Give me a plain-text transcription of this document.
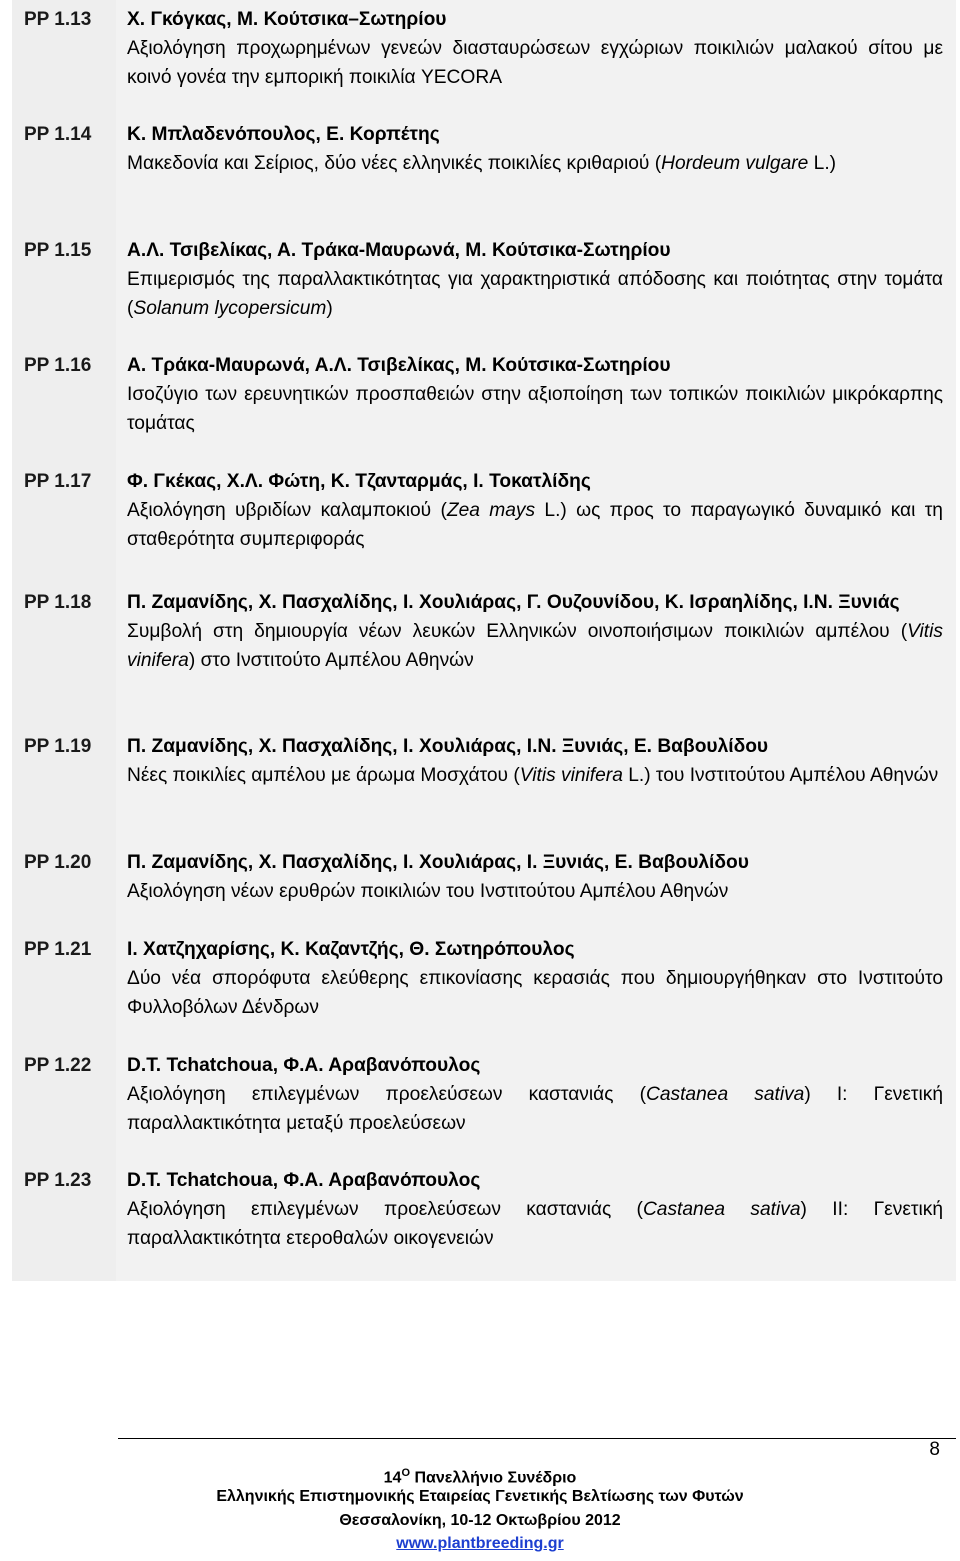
PP 1.13	Χ. Γκόγκας, Μ. Κούτσικα–Σωτηρίου
Αξιολόγηση προχωρημένων γενεών διασταυρώσεων εγχώριων ποικιλιών μαλακού σίτου με κοινό γονέα την εμπορική ποικιλία YECORA
PP 1.14	Κ. Μπλαδενόπουλος, Ε. Κορπέτης
Μακεδονία και Σείριος, δύο νέες ελληνικές ποικιλίες κριθαριού (Hordeum vulgare L.)
PP 1.15	Α.Λ. Τσιβελίκας, Α. Τράκα-Μαυρωνά, Μ. Κούτσικα-Σωτηρίου
Επιμερισμός της παραλλακτικότητας για χαρακτηριστικά απόδοσης και ποιότητας στην τομάτα (Solanum lycopersicum)
PP 1.16	Α. Τράκα-Μαυρωνά, Α.Λ. Τσιβελίκας, Μ. Κούτσικα-Σωτηρίου
Ισοζύγιο των ερευνητικών προσπαθειών στην αξιοποίηση των τοπικών ποικιλιών μικρόκαρπης τομάτας
PP 1.17	Φ. Γκέκας, Χ.Λ. Φώτη, Κ. Τζανταρμάς, Ι. Τοκατλίδης
Αξιολόγηση υβριδίων καλαμποκιού (Zea mays L.) ως προς το παραγωγικό δυναμικό και τη σταθερότητα συμπεριφοράς
PP 1.18	Π. Ζαμανίδης, Χ. Πασχαλίδης, Ι. Χουλιάρας, Γ. Ουζουνίδου, Κ. Ισραηλίδης, Ι.Ν. Ξυνιάς
Συμβολή στη δημιουργία νέων λευκών Ελληνικών οινοποιήσιμων ποικιλιών αμπέλου (Vitis vinifera) στο Ινστιτούτο Αμπέλου Αθηνών
PP 1.19	Π. Ζαμανίδης, Χ. Πασχαλίδης, Ι. Χουλιάρας, Ι.Ν. Ξυνιάς, Ε. Βαβουλίδου
Νέες ποικιλίες αμπέλου με άρωμα Μοσχάτου (Vitis vinifera L.) του Ινστιτούτου Αμπέλου Αθηνών
PP 1.20	Π. Ζαμανίδης, Χ. Πασχαλίδης, Ι. Χουλιάρας, Ι. Ξυνιάς, Ε. Βαβουλίδου
Αξιολόγηση νέων ερυθρών ποικιλιών του Ινστιτούτου Αμπέλου Αθηνών
PP 1.21	Ι. Χατζηχαρίσης, Κ. Καζαντζής, Θ. Σωτηρόπουλος
Δύο νέα σπορόφυτα ελεύθερης επικονίασης κερασιάς που δημιουργήθηκαν στο Ινστιτούτο Φυλλοβόλων Δένδρων
PP 1.22	D.T. Tchatchoua, Φ.Α. Αραβανόπουλος
Αξιολόγηση επιλεγμένων προελεύσεων καστανιάς (Castanea sativa) Ι: Γενετική παραλλακτικότητα μεταξύ προελεύσεων
PP 1.23	D.T. Tchatchoua, Φ.Α. Αραβανόπουλος
Αξιολόγηση επιλεγμένων προελεύσεων καστανιάς (Castanea sativa) ΙΙ: Γενετική παραλλακτικότητα ετεροθαλών οικογενειών
8
$14^O$ Πανελλήνιο Συνέδριο
Ελληνικής Επιστημονικής Εταιρείας Γενετικής Βελτίωσης των Φυτών
Θεσσαλονίκη, 10-12 Οκτωβρίου 2012
www.plantbreeding.gr
